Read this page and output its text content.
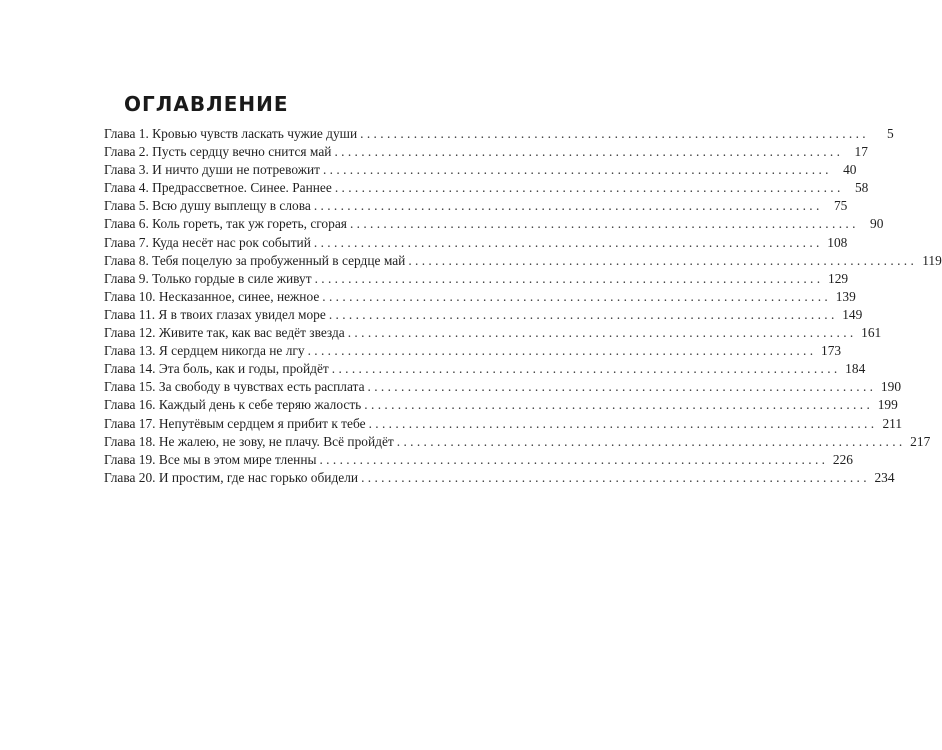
ОГЛАВЛЕНИЕ
Глава 1. Кровью чувств ласкать чужие души . . .	5
Глава 2. Пусть сердцу вечно снится май . . .	17
Глава 3. И ничто души не потревожит . . .	40
Глава 4. Предрассветное. Синее. Раннее . . .	58
Глава 5. Всю душу выплещу в слова . . .	75
Глава 6. Коль гореть, так уж гореть, сгорая . . .	90
Глава 7. Куда несёт нас рок событий . . .	108
Глава 8. Тебя поцелую за пробуженный в сердце май . . .	119
Глава 9. Только гордые в силе живут . . .	129
Глава 10. Несказанное, синее, нежное . . .	139
Глава 11. Я в твоих глазах увидел море . . .	149
Глава 12. Живите так, как вас ведёт звезда . . .	161
Глава 13. Я сердцем никогда не лгу . . .	173
Глава 14. Эта боль, как и годы, пройдёт . . .	184
Глава 15. За свободу в чувствах есть расплата . . .	190
Глава 16. Каждый день к себе теряю жалость . . .	199
Глава 17. Непутёвым сердцем я прибит к тебе . . .	211
Глава 18. Не жалею, не зову, не плачу. Всё пройдёт . . .	217
Глава 19. Все мы в этом мире тленны . . .	226
Глава 20. И простим, где нас горько обидели . . .	234
